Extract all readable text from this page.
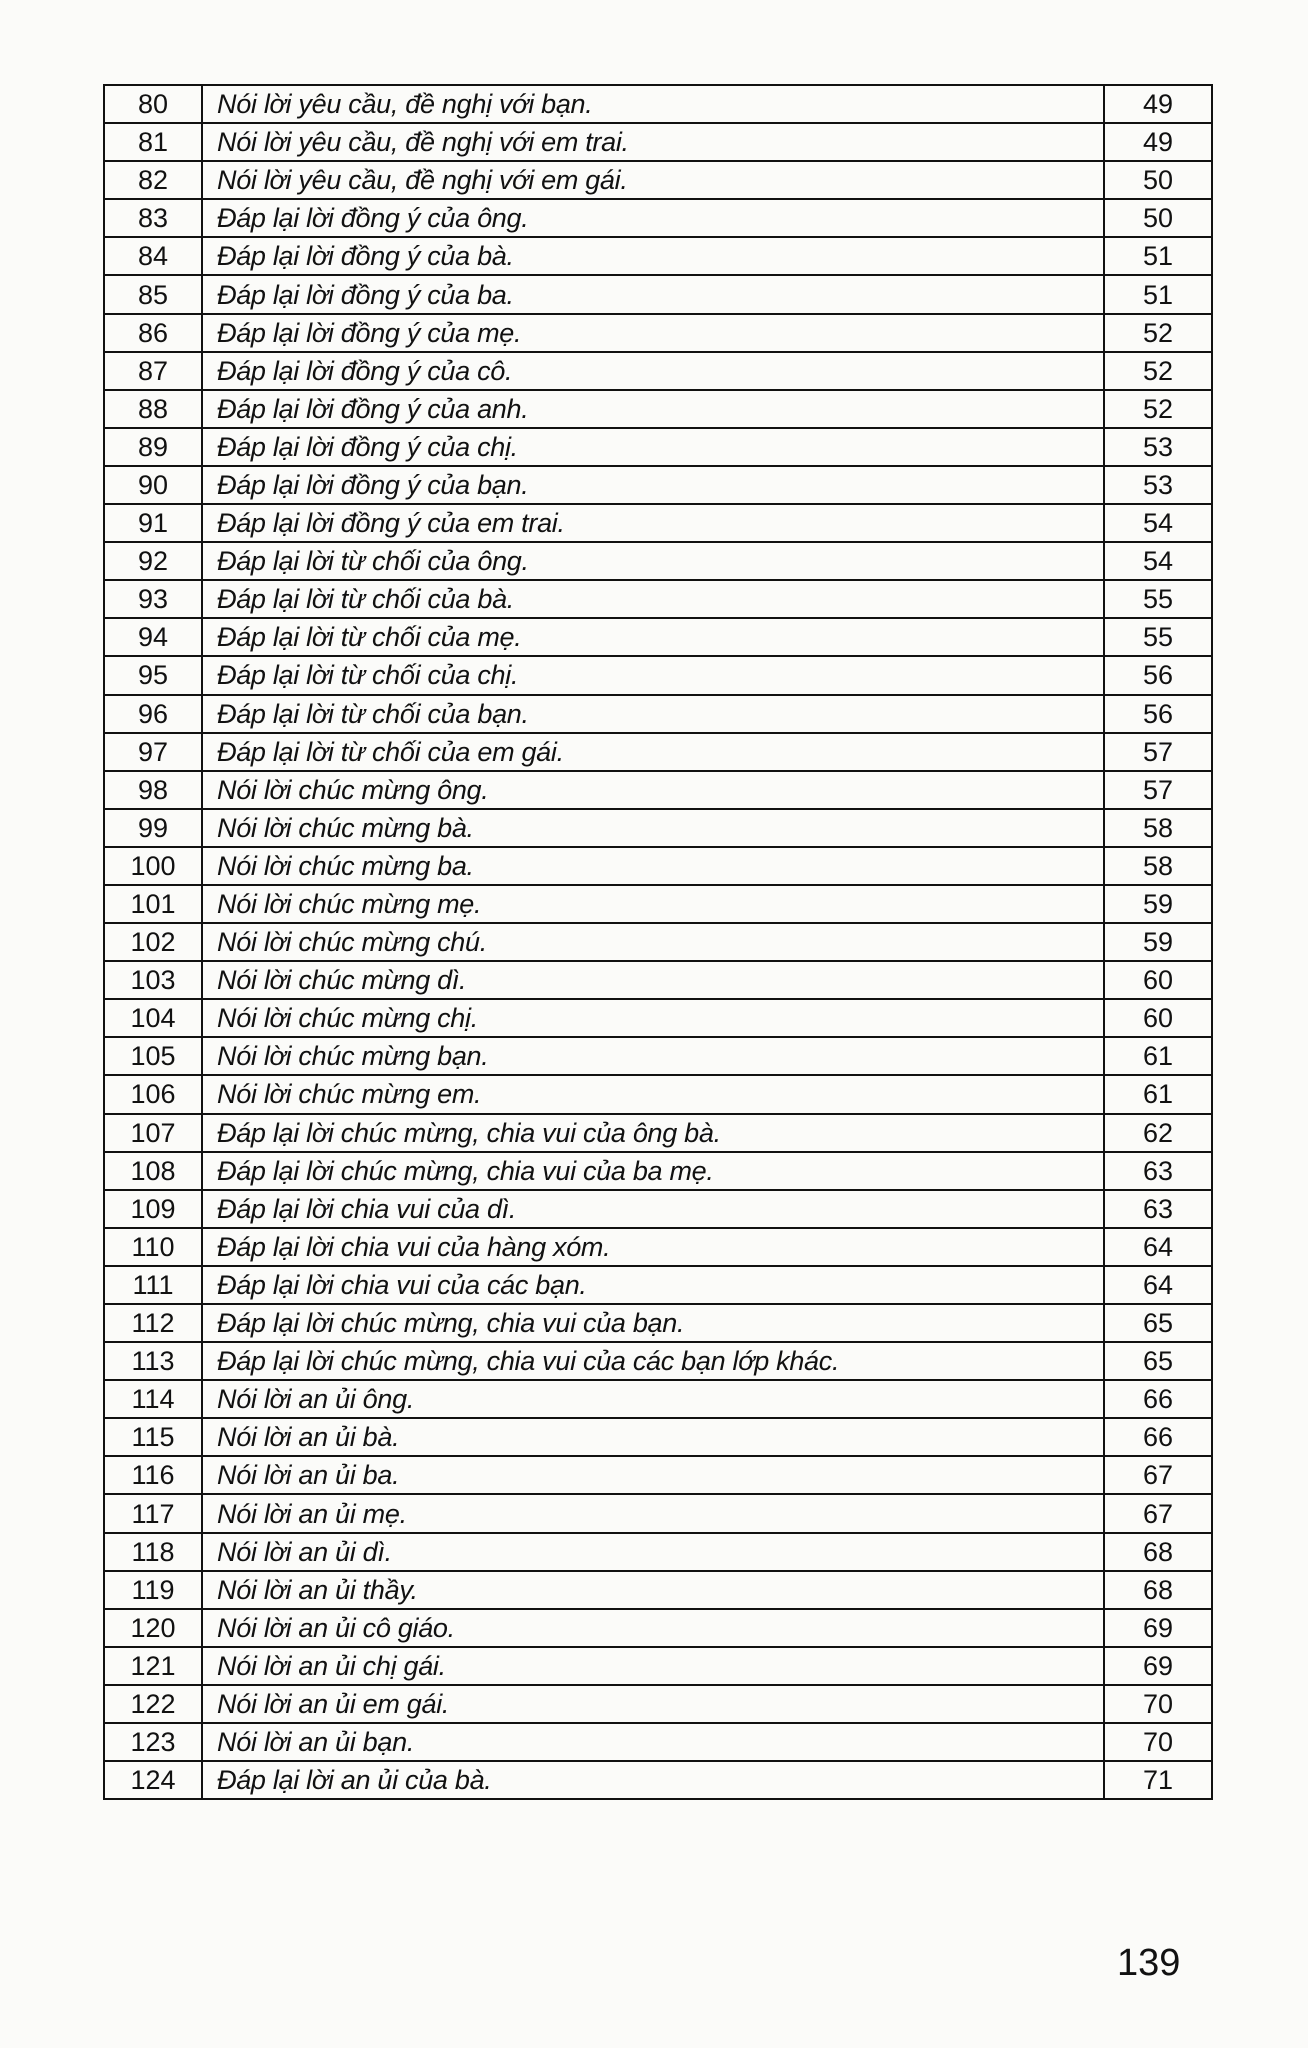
80	Nói lời yêu cầu, đề nghị với bạn.	49
81	Nói lời yêu cầu, đề nghị với em trai.	49
82	Nói lời yêu cầu, đề nghị với em gái.	50
83	Đáp lại lời đồng ý của ông.	50
84	Đáp lại lời đồng ý của bà.	51
85	Đáp lại lời đồng ý của ba.	51
86	Đáp lại lời đồng ý của mẹ.	52
87	Đáp lại lời đồng ý của cô.	52
88	Đáp lại lời đồng ý của anh.	52
89	Đáp lại lời đồng ý của chị.	53
90	Đáp lại lời đồng ý của bạn.	53
91	Đáp lại lời đồng ý của em trai.	54
92	Đáp lại lời từ chối của ông.	54
93	Đáp lại lời từ chối của bà.	55
94	Đáp lại lời từ chối của mẹ.	55
95	Đáp lại lời từ chối của chị.	56
96	Đáp lại lời từ chối của bạn.	56
97	Đáp lại lời từ chối của em gái.	57
98	Nói lời chúc mừng ông.	57
99	Nói lời chúc mừng bà.	58
100	Nói lời chúc mừng ba.	58
101	Nói lời chúc mừng mẹ.	59
102	Nói lời chúc mừng chú.	59
103	Nói lời chúc mừng dì.	60
104	Nói lời chúc mừng chị.	60
105	Nói lời chúc mừng bạn.	61
106	Nói lời chúc mừng em.	61
107	Đáp lại lời chúc mừng, chia vui của ông bà.	62
108	Đáp lại lời chúc mừng, chia vui của ba mẹ.	63
109	Đáp lại lời chia vui của dì.	63
110	Đáp lại lời chia vui của hàng xóm.	64
111	Đáp lại lời chia vui của các bạn.	64
112	Đáp lại lời chúc mừng, chia vui của bạn.	65
113	Đáp lại lời chúc mừng, chia vui của các bạn lớp khác.	65
114	Nói lời an ủi ông.	66
115	Nói lời an ủi bà.	66
116	Nói lời an ủi ba.	67
117	Nói lời an ủi mẹ.	67
118	Nói lời an ủi dì.	68
119	Nói lời an ủi thầy.	68
120	Nói lời an ủi cô giáo.	69
121	Nói lời an ủi chị gái.	69
122	Nói lời an ủi em gái.	70
123	Nói lời an ủi bạn.	70
124	Đáp lại lời an ủi của bà.	71
139
